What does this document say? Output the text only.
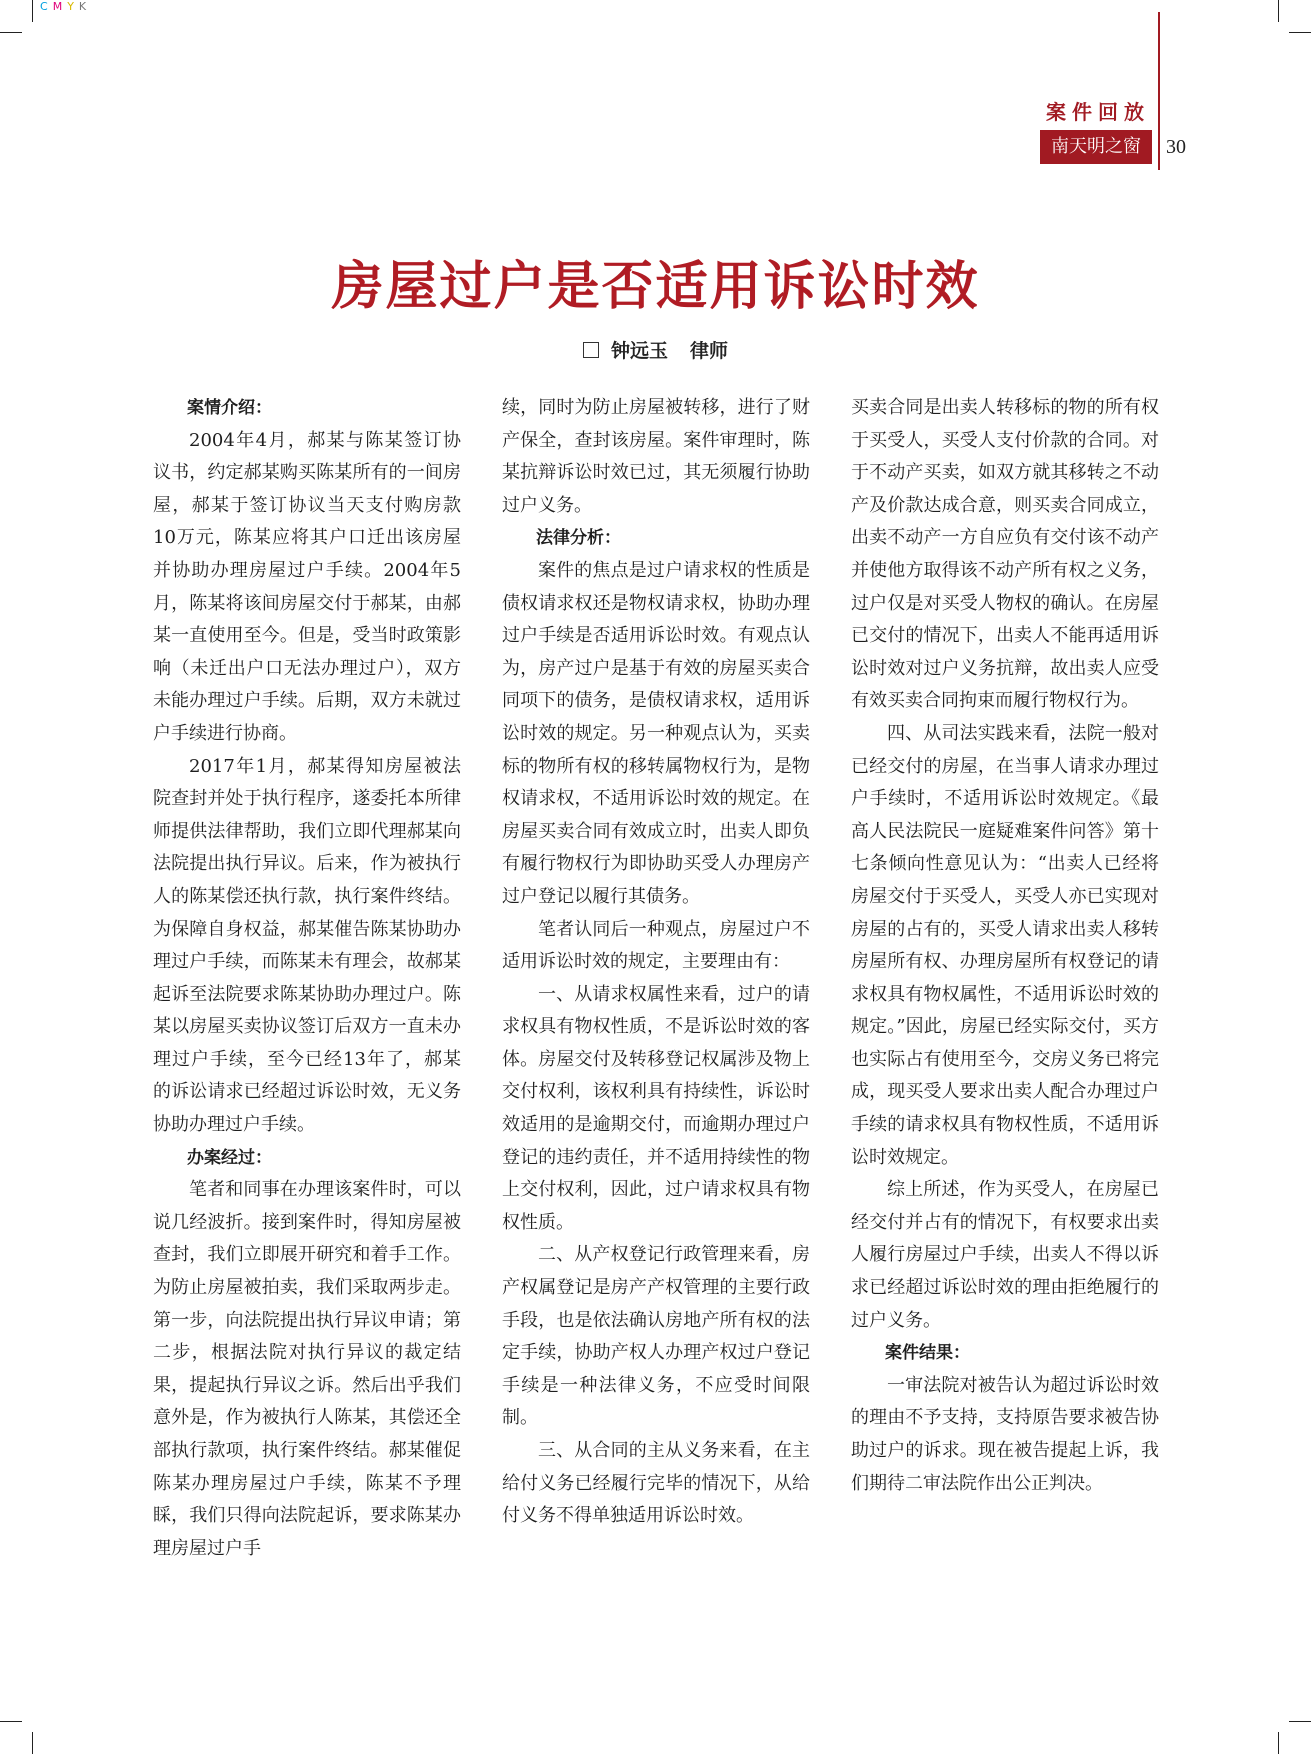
C M Y K
案件回放
南天明之窗	30
房屋过户是否适用诉讼时效
钟远玉 律师

案情介绍：

2004年4月，郝某与陈某签订协议书，约定郝某购买陈某所有的一间房屋，郝某于签订协议当天支付购房款10万元，陈某应将其户口迁出该房屋并协助办理房屋过户手续。2004年5月，陈某将该间房屋交付于郝某，由郝某一直使用至今。但是，受当时政策影响（未迁出户口无法办理过户），双方未能办理过户手续。后期，双方未就过户手续进行协商。

2017年1月，郝某得知房屋被法院查封并处于执行程序，遂委托本所律师提供法律帮助，我们立即代理郝某向法院提出执行异议。后来，作为被执行人的陈某偿还执行款，执行案件终结。为保障自身权益，郝某催告陈某协助办理过户手续，而陈某未有理会，故郝某起诉至法院要求陈某协助办理过户。陈某以房屋买卖协议签订后双方一直未办理过户手续，至今已经13年了，郝某的诉讼请求已经超过诉讼时效，无义务协助办理过户手续。

办案经过：

笔者和同事在办理该案件时，可以说几经波折。接到案件时，得知房屋被查封，我们立即展开研究和着手工作。为防止房屋被拍卖，我们采取两步走。第一步，向法院提出执行异议申请；第二步，根据法院对执行异议的裁定结果，提起执行异议之诉。然后出乎我们意外是，作为被执行人陈某，其偿还全部执行款项，执行案件终结。郝某催促陈某办理房屋过户手续，陈某不予理睬，我们只得向法院起诉，要求陈某办理房屋过户手

续，同时为防止房屋被转移，进行了财产保全，查封该房屋。案件审理时，陈某抗辩诉讼时效已过，其无须履行协助过户义务。

法律分析：

案件的焦点是过户请求权的性质是债权请求权还是物权请求权，协助办理过户手续是否适用诉讼时效。有观点认为，房产过户是基于有效的房屋买卖合同项下的债务，是债权请求权，适用诉讼时效的规定。另一种观点认为，买卖标的物所有权的移转属物权行为，是物权请求权，不适用诉讼时效的规定。在房屋买卖合同有效成立时，出卖人即负有履行物权行为即协助买受人办理房产过户登记以履行其债务。

笔者认同后一种观点，房屋过户不适用诉讼时效的规定，主要理由有：

一、从请求权属性来看，过户的请求权具有物权性质，不是诉讼时效的客体。房屋交付及转移登记权属涉及物上交付权利，该权利具有持续性，诉讼时效适用的是逾期交付，而逾期办理过户登记的违约责任，并不适用持续性的物上交付权利，因此，过户请求权具有物权性质。

二、从产权登记行政管理来看，房产权属登记是房产产权管理的主要行政手段，也是依法确认房地产所有权的法定手续，协助产权人办理产权过户登记手续是一种法律义务，不应受时间限制。

三、从合同的主从义务来看，在主给付义务已经履行完毕的情况下，从给付义务不得单独适用诉讼时效。

买卖合同是出卖人转移标的物的所有权于买受人，买受人支付价款的合同。对于不动产买卖，如双方就其移转之不动产及价款达成合意，则买卖合同成立，出卖不动产一方自应负有交付该不动产并使他方取得该不动产所有权之义务，过户仅是对买受人物权的确认。在房屋已交付的情况下，出卖人不能再适用诉讼时效对过户义务抗辩，故出卖人应受有效买卖合同拘束而履行物权行为。

四、从司法实践来看，法院一般对已经交付的房屋，在当事人请求办理过户手续时，不适用诉讼时效规定。《最高人民法院民一庭疑难案件问答》第十七条倾向性意见认为：“出卖人已经将房屋交付于买受人，买受人亦已实现对房屋的占有的，买受人请求出卖人移转房屋所有权、办理房屋所有权登记的请求权具有物权属性，不适用诉讼时效的规定。”因此，房屋已经实际交付，买方也实际占有使用至今，交房义务已将完成，现买受人要求出卖人配合办理过户手续的请求权具有物权性质，不适用诉讼时效规定。

综上所述，作为买受人，在房屋已经交付并占有的情况下，有权要求出卖人履行房屋过户手续，出卖人不得以诉求已经超过诉讼时效的理由拒绝履行的过户义务。

案件结果：

一审法院对被告认为超过诉讼时效的理由不予支持，支持原告要求被告协助过户的诉求。现在被告提起上诉，我们期待二审法院作出公正判决。
